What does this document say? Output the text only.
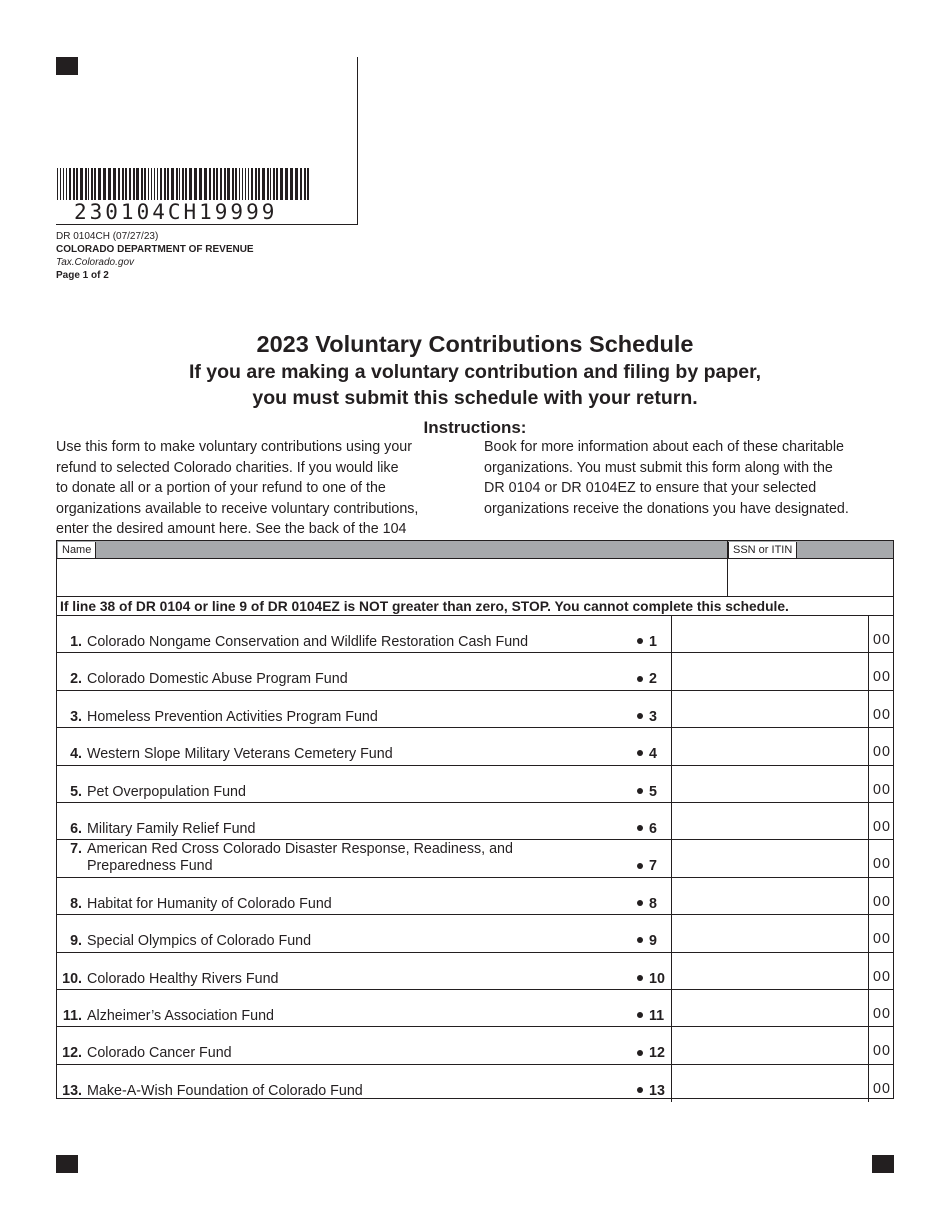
230104CH19999
DR 0104CH (07/27/23)
COLORADO DEPARTMENT OF REVENUE
Tax.Colorado.gov
Page 1 of 2
2023 Voluntary Contributions Schedule
If you are making a voluntary contribution and filing by paper,
you must submit this schedule with your return.
Instructions:
Use this form to make voluntary contributions using your
refund to selected Colorado charities. If you would like
to donate all or a portion of your refund to one of the
organizations available to receive voluntary contributions,
enter the desired amount here. See the back of the 104
Book for more information about each of these charitable
organizations. You must submit this form along with the
DR 0104 or DR 0104EZ to ensure that your selected
organizations receive the donations you have designated.
Name	SSN or ITIN
If line 38 of DR 0104 or line 9 of DR 0104EZ is NOT greater than zero, STOP. You cannot complete this schedule.
1. Colorado Nongame Conservation and Wildlife Restoration Cash Fund	1	00
2. Colorado Domestic Abuse Program Fund	2	00
3. Homeless Prevention Activities Program Fund	3	00
4. Western Slope Military Veterans Cemetery Fund	4	00
5. Pet Overpopulation Fund	5	00
6. Military Family Relief Fund	6	00
7. American Red Cross Colorado Disaster Response, Readiness, and
Preparedness Fund	7	00
8. Habitat for Humanity of Colorado Fund	8	00
9. Special Olympics of Colorado Fund	9	00
10. Colorado Healthy Rivers Fund	10	00
11. Alzheimer’s Association Fund	11	00
12. Colorado Cancer Fund	12	00
13. Make-A-Wish Foundation of Colorado Fund	13	00
